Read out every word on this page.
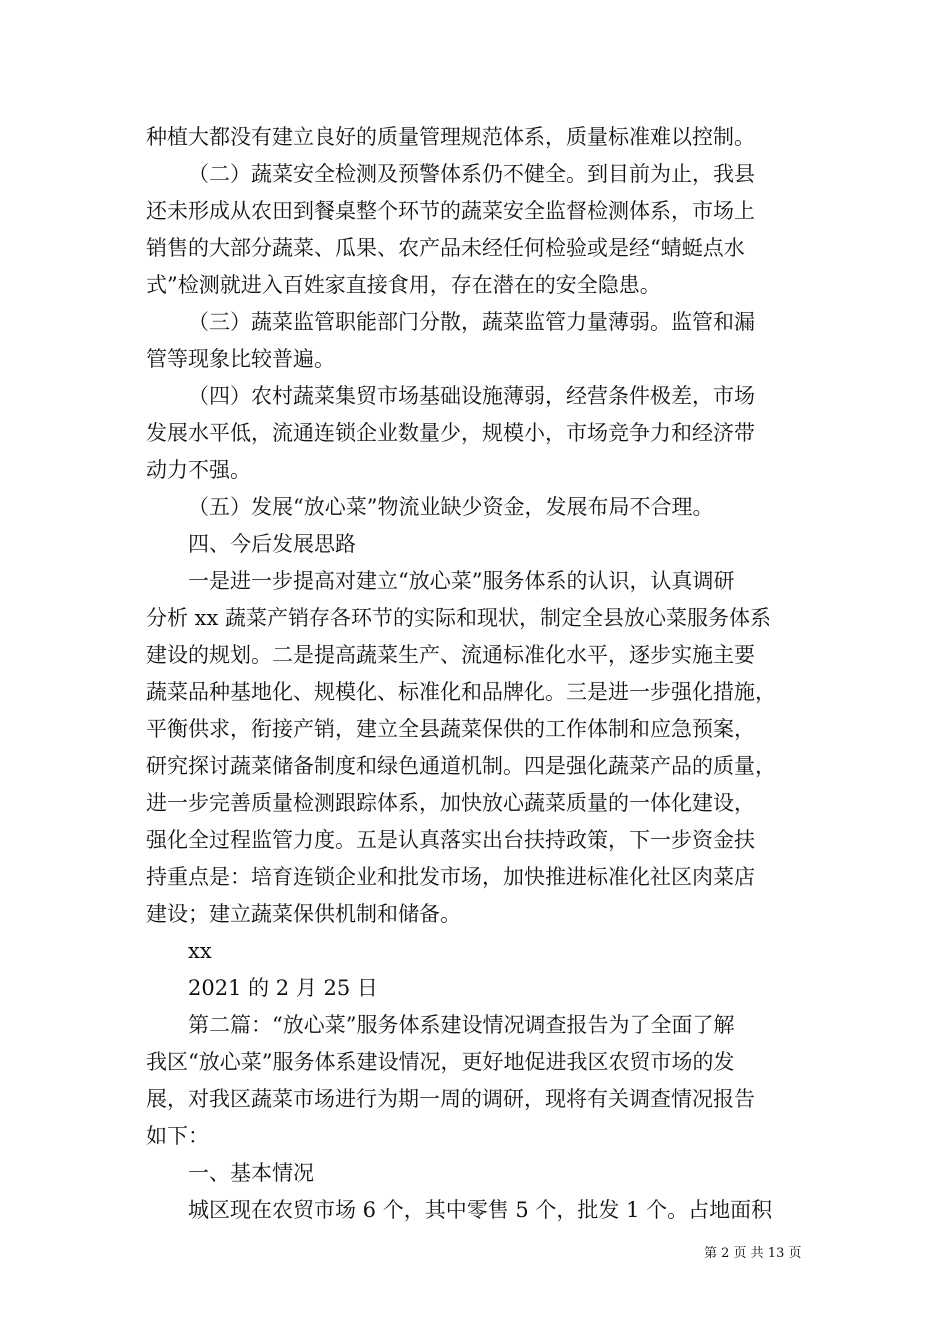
种植大都没有建立良好的质量管理规范体系，质量标准难以控制。

（二）蔬菜安全检测及预警体系仍不健全。到目前为止，我县

还未形成从农田到餐桌整个环节的蔬菜安全监督检测体系，市场上

销售的大部分蔬菜、瓜果、农产品未经任何检验或是经“蜻蜓点水

式”检测就进入百姓家直接食用，存在潜在的安全隐患。

（三）蔬菜监管职能部门分散，蔬菜监管力量薄弱。监管和漏

管等现象比较普遍。

（四）农村蔬菜集贸市场基础设施薄弱，经营条件极差，市场

发展水平低，流通连锁企业数量少，规模小，市场竞争力和经济带

动力不强。

（五）发展“放心菜”物流业缺少资金，发展布局不合理。

四、今后发展思路

一是进一步提高对建立“放心菜”服务体系的认识，认真调研

分析 xx 蔬菜产销存各环节的实际和现状，制定全县放心菜服务体系

建设的规划。二是提高蔬菜生产、流通标准化水平，逐步实施主要

蔬菜品种基地化、规模化、标准化和品牌化。三是进一步强化措施，

平衡供求，衔接产销，建立全县蔬菜保供的工作体制和应急预案，

研究探讨蔬菜储备制度和绿色通道机制。四是强化蔬菜产品的质量，

进一步完善质量检测跟踪体系，加快放心蔬菜质量的一体化建设，

强化全过程监管力度。五是认真落实出台扶持政策，下一步资金扶

持重点是：培育连锁企业和批发市场，加快推进标准化社区肉菜店

建设；建立蔬菜保供机制和储备。

xx

2021 的 2 月 25 日

第二篇：“放心菜”服务体系建设情况调查报告为了全面了解

我区“放心菜”服务体系建设情况，更好地促进我区农贸市场的发

展，对我区蔬菜市场进行为期一周的调研，现将有关调查情况报告

如下：

一、基本情况

城区现在农贸市场 6 个，其中零售 5 个，批发 1 个。占地面积

第 2 页 共 13 页
